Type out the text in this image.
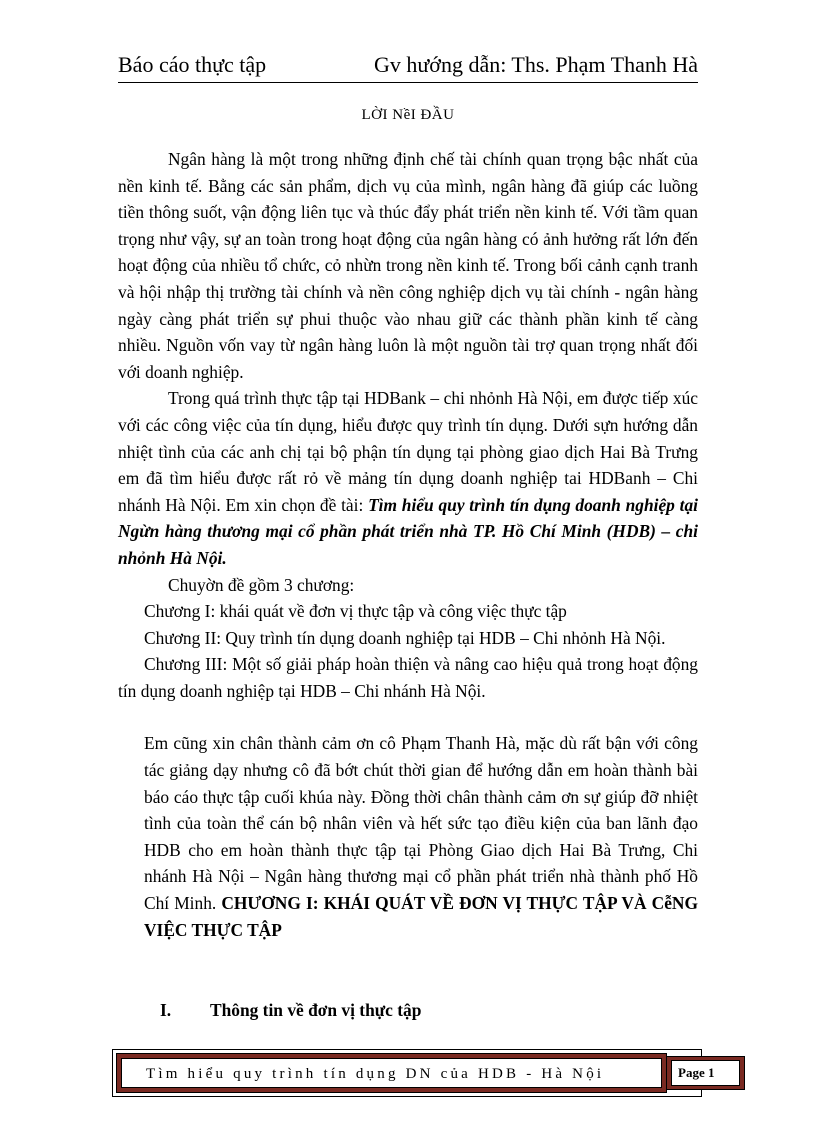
Báo cáo thực tập	Gv hướng dẫn: Ths. Phạm Thanh Hà
LỜI NềI ĐẦU

Ngân hàng là một trong những định chế tài chính quan trọng bậc nhất của nền kinh tế. Bằng các sản phẩm, dịch vụ của mình, ngân hàng đã giúp các luồng tiền thông suốt, vận động liên tục và thúc đẩy phát triển nền kinh tế. Với tầm quan trọng như vậy, sự an toàn trong hoạt động của ngân hàng có ảnh hưởng rất lớn đến hoạt động của nhiều tổ chức, cỏ nhừn trong nền kinh tế. Trong bối cảnh cạnh tranh và hội nhập thị trường tài chính và nền công nghiệp dịch vụ tài chính - ngân hàng ngày càng phát triển sự phui thuộc vào nhau giữ các thành phần kinh tế càng nhiều. Nguồn vốn vay từ ngân hàng luôn là một nguồn tài trợ quan trọng nhất đối với doanh nghiệp.

Trong quá trình thực tập tại HDBank – chi nhỏnh Hà Nội, em được tiếp xúc với các công việc của tín dụng, hiểu được quy trình tín dụng. Dưới sựn hướng dẫn nhiệt tình của các anh chị tại bộ phận tín dụng tại phòng giao dịch Hai Bà Trưng em đã tìm hiểu được rất rỏ về mảng tín dụng doanh nghiệp tai HDBanh – Chi nhánh Hà Nội. Em xin chọn đề tài: Tìm hiểu quy trình tín dụng doanh nghiệp tại Ngừn hàng thương mại cổ phần phát triển nhà TP. Hồ Chí Minh (HDB) – chi nhỏnh Hà Nội.

Chuyờn đề gồm 3 chương:

Chương I: khái quát về đơn vị thực tập và công việc thực tập

Chương II: Quy trình tín dụng doanh nghiệp tại HDB – Chi nhỏnh Hà Nội.

Chương III: Một số giải pháp hoàn thiện và nâng cao hiệu quả trong hoạt động tín dụng doanh nghiệp tại HDB – Chi nhánh Hà Nội.

Em cũng xin chân thành cảm ơn cô Phạm Thanh Hà, mặc dù rất bận với công tác giảng dạy nhưng cô đã bớt chút thời gian để hướng dẫn em hoàn thành bài báo cáo thực tập cuối khúa này. Đồng thời chân thành cảm ơn sự giúp đỡ nhiệt tình của toàn thể cán bộ nhân viên và hết sức tạo điều kiện của ban lãnh đạo HDB cho em hoàn thành thực tập tại Phòng Giao dịch Hai Bà Trưng, Chi nhánh Hà Nội – Ngân hàng thương mại cổ phần phát triển nhà thành phố Hồ Chí Minh. CHƯƠNG I: KHÁI QUÁT VỀ ĐƠN VỊ THỰC TẬP VÀ CễNG VIỆC THỰC TẬP

I. Thông tin về đơn vị thực tập
Tìm hiểu quy trình tín dụng DN của HDB - Hà Nội	Page 1
